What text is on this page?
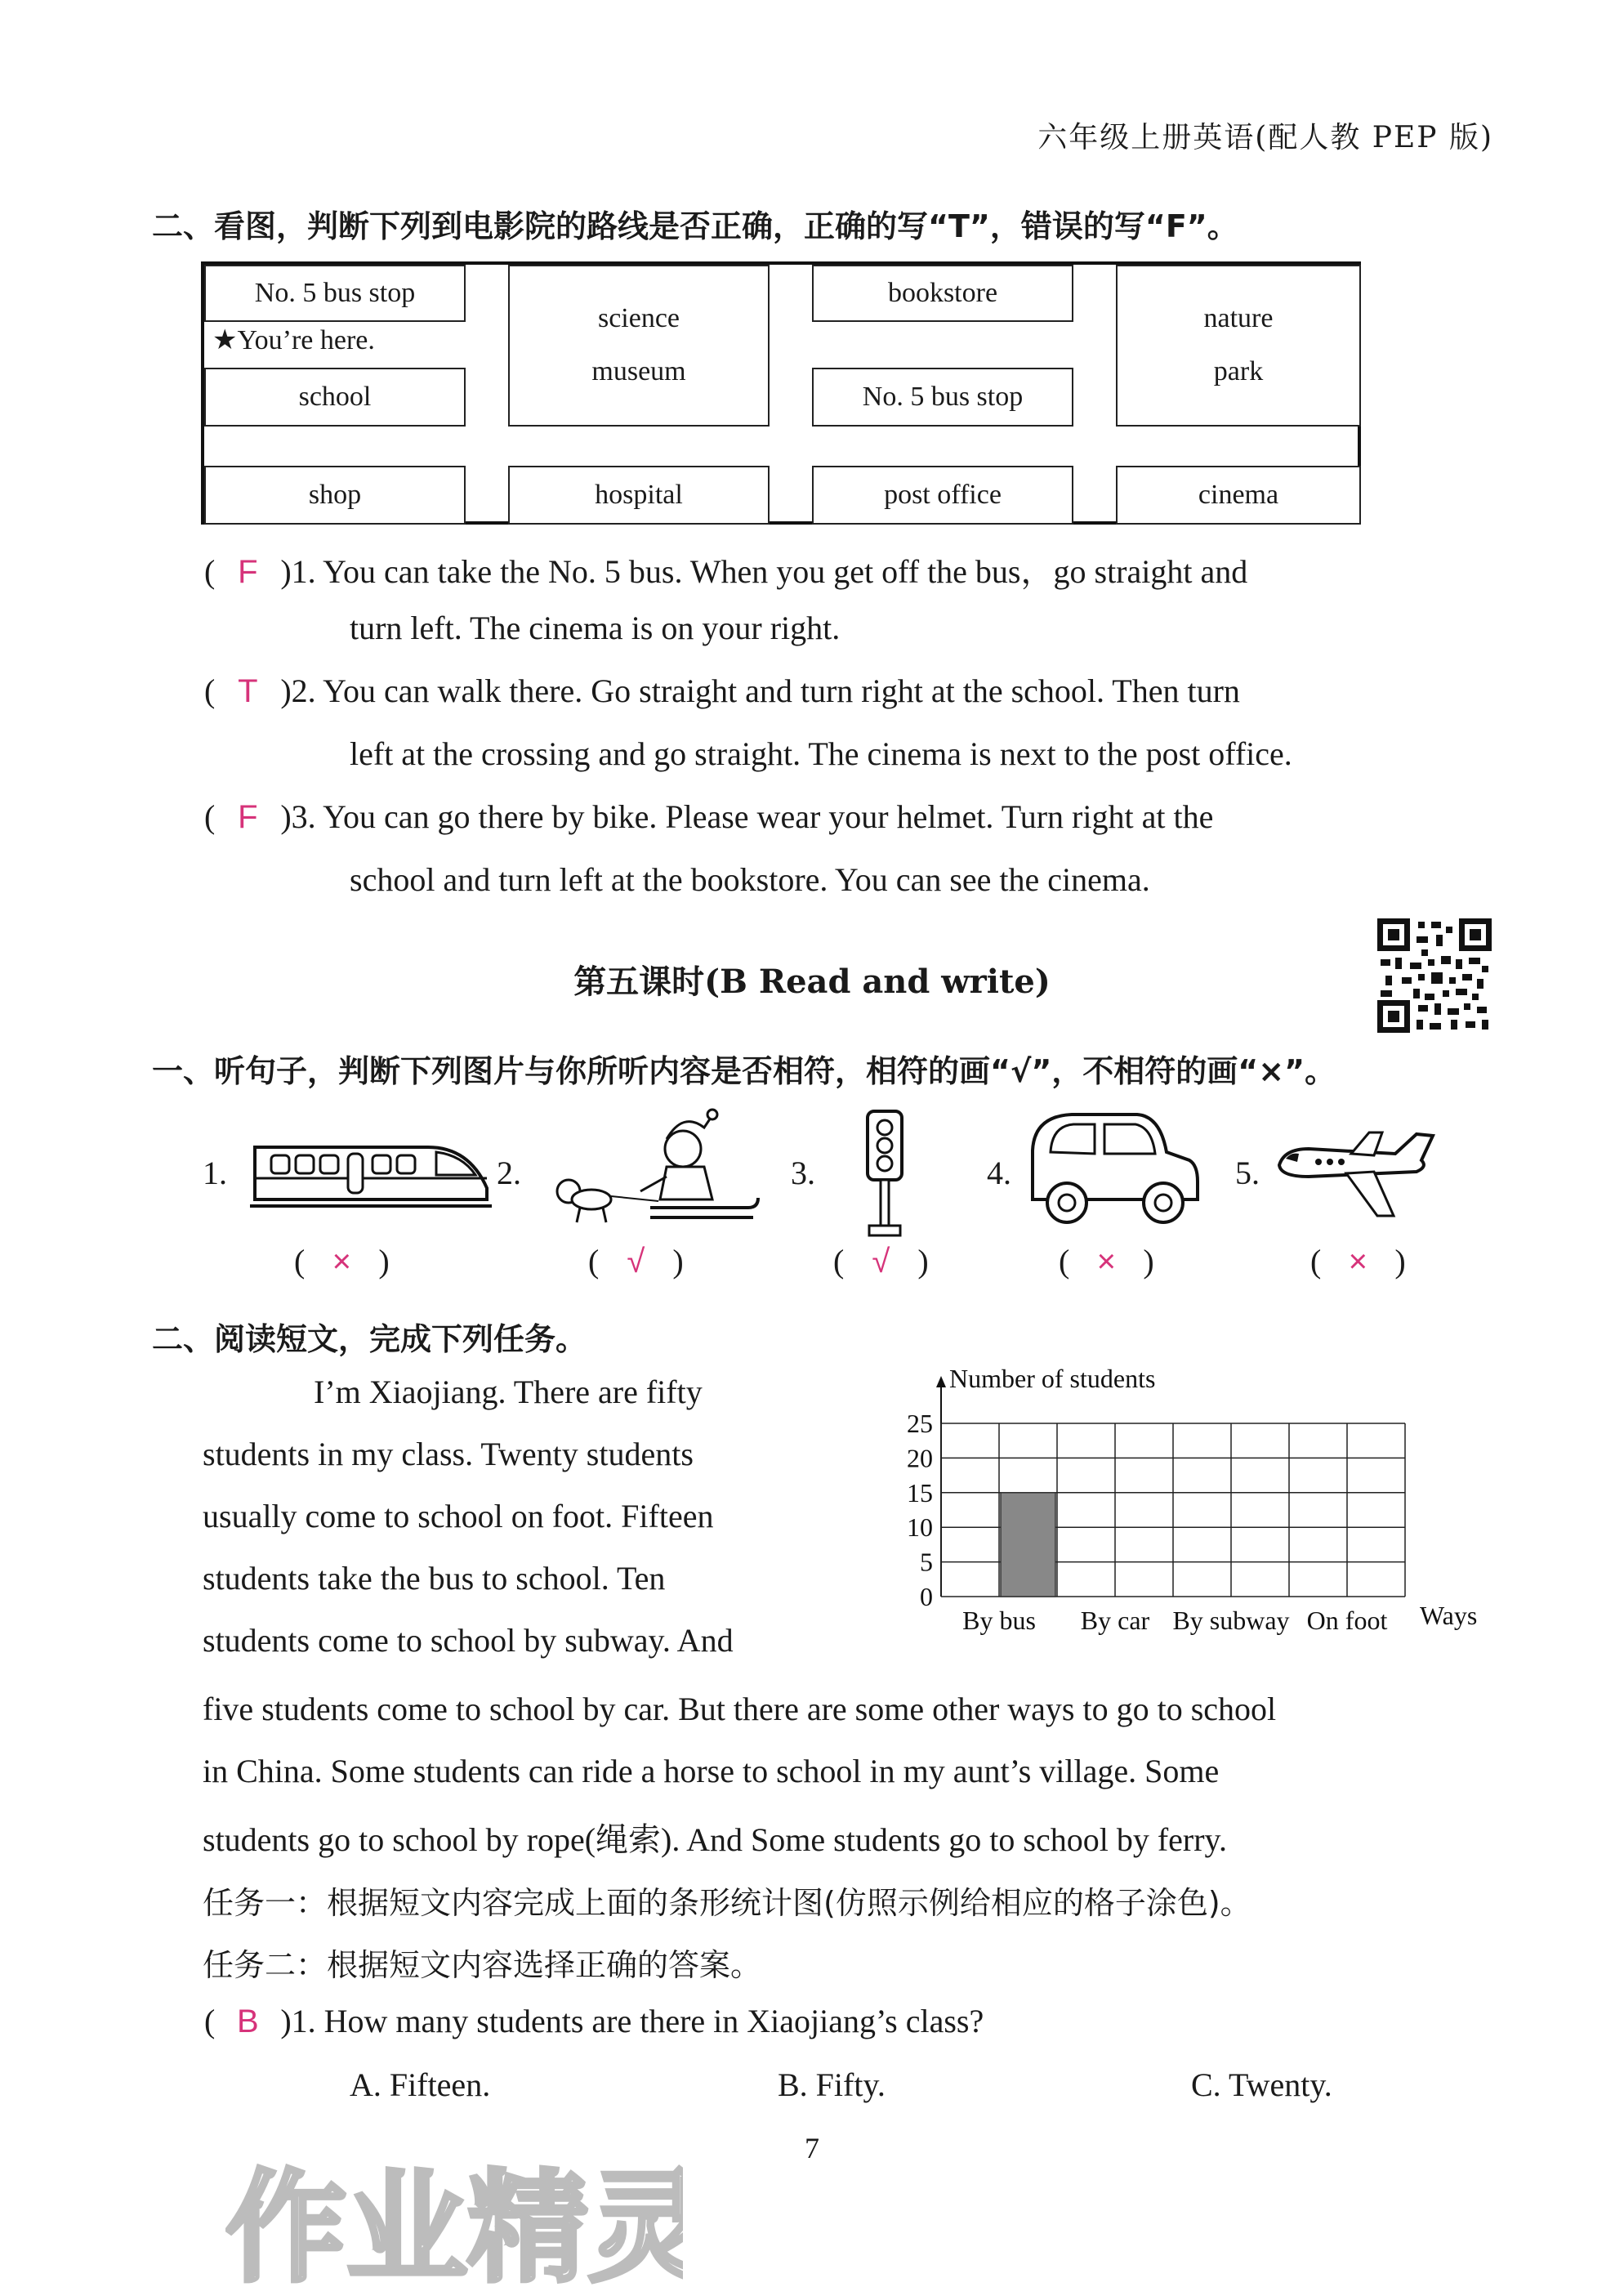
六年级上册英语(配人教 PEP 版)
二、看图，判断下列到电影院的路线是否正确，正确的写“T”，错误的写“F”。
No. 5 bus stop
★You’re here.
school
shop
science
museum
hospital
bookstore
No. 5 bus stop
post office
nature
park
cinema
( F )1. You can take the No. 5 bus. When you get off the bus，go straight and
turn left. The cinema is on your right.
( T )2. You can walk there. Go straight and turn right at the school. Then turn
left at the crossing and go straight. The cinema is next to the post office.
( F )3. You can go there by bike. Please wear your helmet. Turn right at the
school and turn left at the bookstore. You can see the cinema.
第五课时(B Read and write)
一、听句子，判断下列图片与你所听内容是否相符，相符的画“√”，不相符的画“×”。
1.	2.	3.	4.	5.
( × )	( √ )	( √ )	( × )	( × )
二、阅读短文，完成下列任务。
I’m Xiaojiang. There are fifty
students in my class. Twenty students
usually come to school on foot. Fifteen
students take the bus to school. Ten
students come to school by subway. And
0
5
10
15
20
25
By bus By car By subway On foot
Number of students
Ways
five students come to school by car. But there are some other ways to go to school
in China. Some students can ride a horse to school in my aunt’s village. Some
students go to school by rope(绳索). And Some students go to school by ferry.
任务一：根据短文内容完成上面的条形统计图(仿照示例给相应的格子涂色)。
任务二：根据短文内容选择正确的答案。
( B )1. How many students are there in Xiaojiang’s class?
A. Fifteen.	B. Fifty.	C. Twenty.
7
作业精灵
